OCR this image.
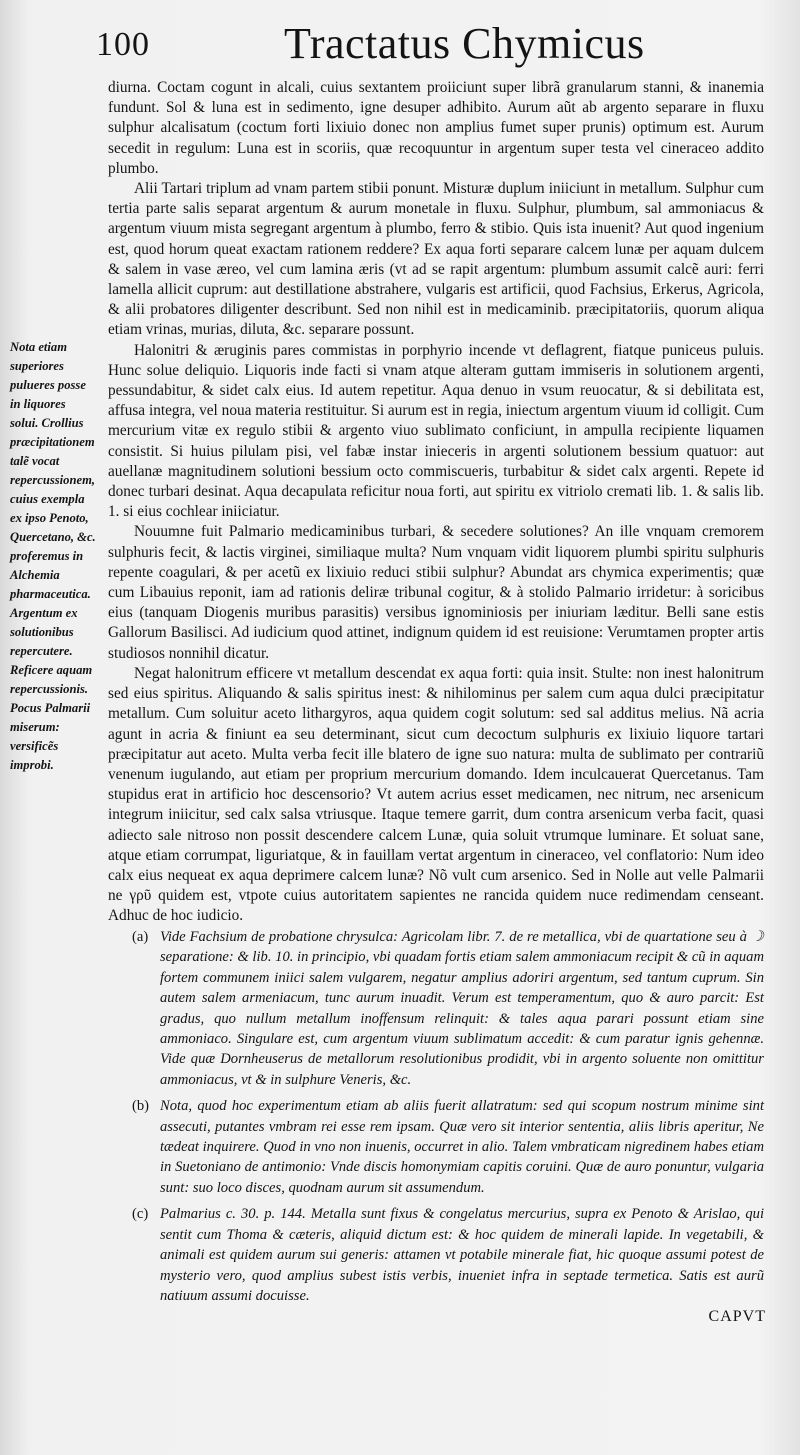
100	Tractatus Chymicus

Nota etiam superiores pulueres posse in liquores solui. Crollius præcipitationem talẽ vocat repercussionem, cuius exempla ex ipso Penoto, Quercetano, &c. proferemus in Alchemia pharmaceutica. Argentum ex solutionibus repercutere. Reficere aquam repercussionis. Pocus Palmarii miserum: versificẽs improbi.

diurna. Coctam cogunt in alcali, cuius sextantem proiiciunt super librã granularum stanni, & inanemia fundunt. Sol & luna est in sedimento, igne desuper adhibito. Aurum aũt ab argento separare in fluxu sulphur alcalisatum (coctum forti lixiuio donec non amplius fumet super prunis) optimum est. Aurum secedit in regulum: Luna est in scoriis, quæ recoquuntur in argentum super testa vel cineraceo addito plumbo.

Alii Tartari triplum ad vnam partem stibii ponunt. Misturæ duplum iniiciunt in metallum. Sulphur cum tertia parte salis separat argentum & aurum monetale in fluxu. Sulphur, plumbum, sal ammoniacus & argentum viuum mista segregant argentum à plumbo, ferro & stibio. Quis ista inuenit? Aut quod ingenium est, quod horum queat exactam rationem reddere? Ex aqua forti separare calcem lunæ per aquam dulcem & salem in vase æreo, vel cum lamina æris (vt ad se rapit argentum: plumbum assumit calcẽ auri: ferri lamella allicit cuprum: aut destillatione abstrahere, vulgaris est artificii, quod Fachsius, Erkerus, Agricola, & alii probatores diligenter describunt. Sed non nihil est in medicaminib. præcipitatoriis, quorum aliqua etiam vrinas, murias, diluta, &c. separare possunt.

Halonitri & æruginis pares commistas in porphyrio incende vt deflagrent, fiatque puniceus puluis. Hunc solue deliquio. Liquoris inde facti si vnam atque alteram guttam immiseris in solutionem argenti, pessundabitur, & sidet calx eius. Id autem repetitur. Aqua denuo in vsum reuocatur, & si debilitata est, affusa integra, vel noua materia restituitur. Si aurum est in regia, iniectum argentum viuum id colligit. Cum mercurium vitæ ex regulo stibii & argento viuo sublimato conficiunt, in ampulla recipiente liquamen consistit. Si huius pilulam pisi, vel fabæ instar inieceris in argenti solutionem bessium quatuor: aut auellanæ magnitudinem solutioni bessium octo commiscueris, turbabitur & sidet calx argenti. Repete id donec turbari desinat. Aqua decapulata reficitur noua forti, aut spiritu ex vitriolo cremati lib. 1. & salis lib. 1. si eius cochlear iniiciatur.

Nouumne fuit Palmario medicaminibus turbari, & secedere solutiones? An ille vnquam cremorem sulphuris fecit, & lactis virginei, similiaque multa? Num vnquam vidit liquorem plumbi spiritu sulphuris repente coagulari, & per acetũ ex lixiuio reduci stibii sulphur? Abundat ars chymica experimentis; quæ cum Libauius reponit, iam ad rationis deliræ tribunal cogitur, & à stolido Palmario irridetur: à soricibus eius (tanquam Diogenis muribus parasitis) versibus ignominiosis per iniuriam læditur. Belli sane estis Gallorum Basilisci. Ad iudicium quod attinet, indignum quidem id est reuisione: Verumtamen propter artis studiosos nonnihil dicatur.

Negat halonitrum efficere vt metallum descendat ex aqua forti: quia insit. Stulte: non inest halonitrum sed eius spiritus. Aliquando & salis spiritus inest: & nihilominus per salem cum aqua dulci præcipitatur metallum. Cum soluitur aceto lithargyros, aqua quidem cogit solutum: sed sal additus melius. Nã acria agunt in acria & finiunt ea seu determinant, sicut cum decoctum sulphuris ex lixiuio liquore tartari præcipitatur aut aceto. Multa verba fecit ille blatero de igne suo natura: multa de sublimato per contrariũ venenum iugulando, aut etiam per proprium mercurium domando. Idem inculcauerat Quercetanus. Tam stupidus erat in artificio hoc descensorio? Vt autem acrius esset medicamen, nec nitrum, nec arsenicum integrum iniicitur, sed calx salsa vtriusque. Itaque temere garrit, dum contra arsenicum verba facit, quasi adiecto sale nitroso non possit descendere calcem Lunæ, quia soluit vtrumque luminare. Et soluat sane, atque etiam corrumpat, liguriatque, & in fauillam vertat argentum in cineraceo, vel conflatorio: Num ideo calx eius nequeat ex aqua deprimere calcem lunæ? Nõ vult cum arsenico. Sed in Nolle aut velle Palmarii ne γρῦ quidem est, vtpote cuius autoritatem sapientes ne rancida quidem nuce redimendam censeant. Adhuc de hoc iudicio.

(a) Vide Fachsium de probatione chrysulca: Agricolam libr. 7. de re metallica, vbi de quartatione seu à ☽ separatione: & lib. 10. in principio, vbi quadam fortis etiam salem ammoniacum recipit & cũ in aquam fortem communem iniici salem vulgarem, negatur amplius adoriri argentum, sed tantum cuprum. Sin autem salem armeniacum, tunc aurum inuadit. Verum est temperamentum, quo & auro parcit: Est gradus, quo nullum metallum inoffensum relinquit: & tales aqua parari possunt etiam sine ammoniaco. Singulare est, cum argentum viuum sublimatum accedit: & cum paratur ignis gehennæ. Vide quæ Dornheuserus de metallorum resolutionibus prodidit, vbi in argento soluente non omittitur ammoniacus, vt & in sulphure Veneris, &c.
(b) Nota, quod hoc experimentum etiam ab aliis fuerit allatratum: sed qui scopum nostrum minime sint assecuti, putantes vmbram rei esse rem ipsam. Quæ vero sit interior sententia, aliis libris aperitur, Ne tædeat inquirere. Quod in vno non inuenis, occurret in alio. Talem vmbraticam nigredinem habes etiam in Suetoniano de antimonio: Vnde discis homonymiam capitis coruini. Quæ de auro ponuntur, vulgaria sunt: suo loco disces, quodnam aurum sit assumendum.
(c) Palmarius c. 30. p. 144. Metalla sunt fixus & congelatus mercurius, supra ex Penoto & Arislao, qui sentit cum Thoma & cæteris, aliquid dictum est: & hoc quidem de minerali lapide. In vegetabili, & animali est quidem aurum sui generis: attamen vt potabile minerale fiat, hic quoque assumi potest de mysterio vero, quod amplius subest istis verbis, inueniet infra in septade termetica. Satis est aurũ natiuum assumi docuisse.
CAPVT
